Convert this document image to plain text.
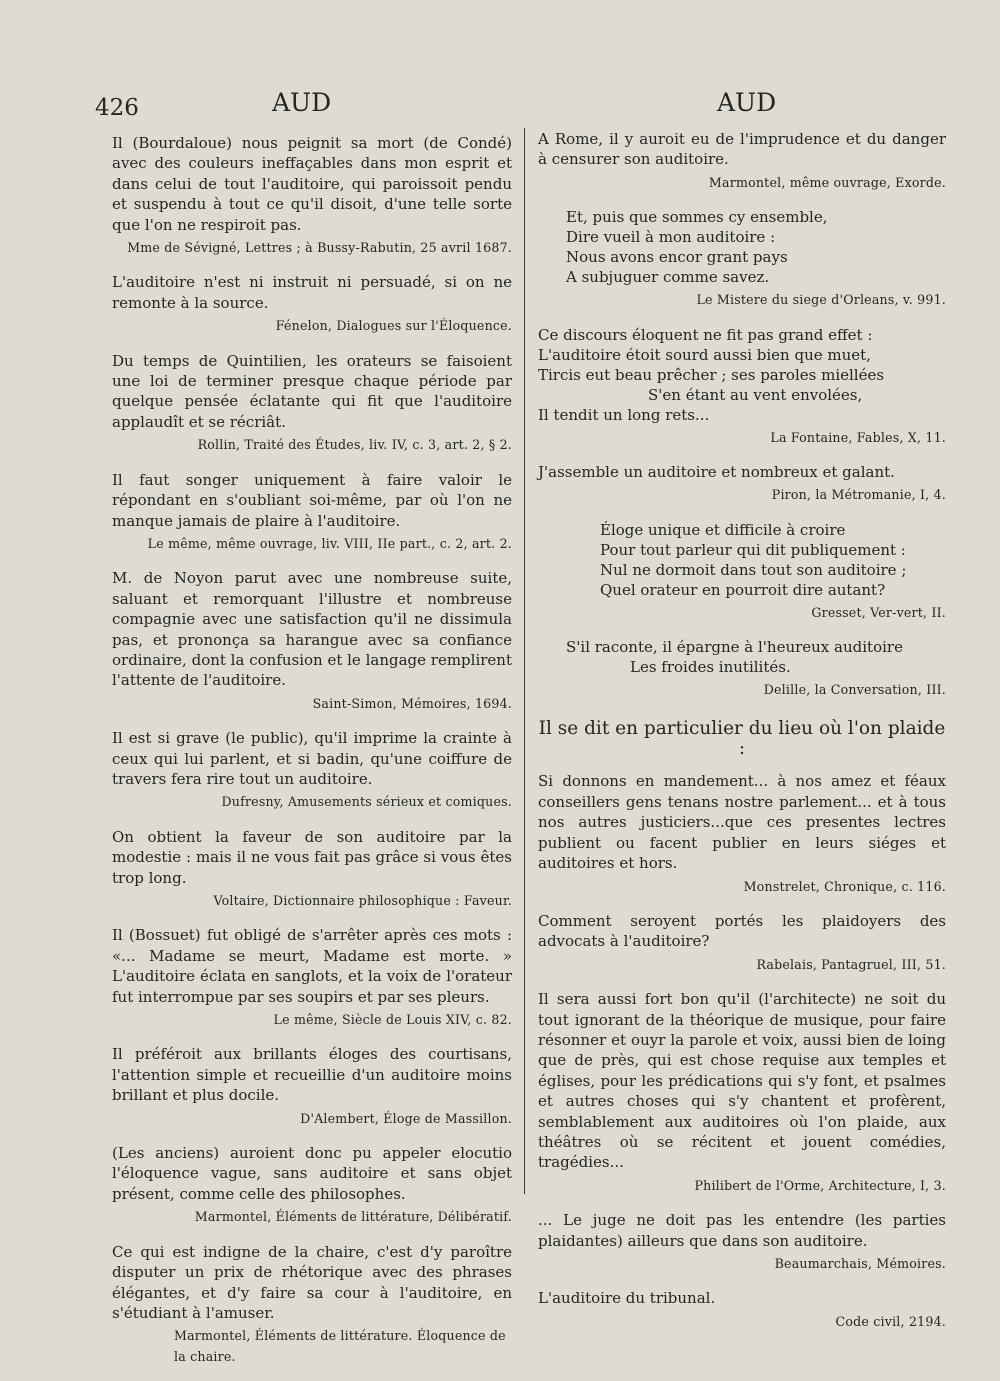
426	AUD	AUD
Il (Bourdaloue) nous peignit sa mort (de Condé) avec des couleurs ineffaçables dans mon esprit et dans celui de tout l'auditoire, qui paroissoit pendu et suspendu à tout ce qu'il disoit, d'une telle sorte que l'on ne respiroit pas.
Mme de Sévigné, Lettres ; à Bussy-Rabutin, 25 avril 1687.
L'auditoire n'est ni instruit ni persuadé, si on ne remonte à la source.
Fénelon, Dialogues sur l'Éloquence.
Du temps de Quintilien, les orateurs se faisoient une loi de terminer presque chaque période par quelque pensée éclatante qui fit que l'auditoire applaudît et se récriât.
Rollin, Traité des Études, liv. IV, c. 3, art. 2, § 2.
Il faut songer uniquement à faire valoir le répondant en s'oubliant soi-même, par où l'on ne manque jamais de plaire à l'auditoire.
Le même, même ouvrage, liv. VIII, IIe part., c. 2, art. 2.
M. de Noyon parut avec une nombreuse suite, saluant et remorquant l'illustre et nombreuse compagnie avec une satisfaction qu'il ne dissimula pas, et prononça sa harangue avec sa confiance ordinaire, dont la confusion et le langage remplirent l'attente de l'auditoire.
Saint-Simon, Mémoires, 1694.
Il est si grave (le public), qu'il imprime la crainte à ceux qui lui parlent, et si badin, qu'une coiffure de travers fera rire tout un auditoire.
Dufresny, Amusements sérieux et comiques.
On obtient la faveur de son auditoire par la modestie : mais il ne vous fait pas grâce si vous êtes trop long.
Voltaire, Dictionnaire philosophique : Faveur.
Il (Bossuet) fut obligé de s'arrêter après ces mots : «... Madame se meurt, Madame est morte. » L'auditoire éclata en sanglots, et la voix de l'orateur fut interrompue par ses soupirs et par ses pleurs.
Le même, Siècle de Louis XIV, c. 82.
Il préféroit aux brillants éloges des courtisans, l'attention simple et recueillie d'un auditoire moins brillant et plus docile.
D'Alembert, Éloge de Massillon.
(Les anciens) auroient donc pu appeler elocutio l'éloquence vague, sans auditoire et sans objet présent, comme celle des philosophes.
Marmontel, Éléments de littérature, Délibératif.
Ce qui est indigne de la chaire, c'est d'y paroître disputer un prix de rhétorique avec des phrases élégantes, et d'y faire sa cour à l'auditoire, en s'étudiant à l'amuser.
Marmontel, Éléments de littérature. Éloquence de la chaire.
A Rome, il y auroit eu de l'imprudence et du danger à censurer son auditoire.
Marmontel, même ouvrage, Exorde.
Et, puis que sommes cy ensemble,
Dire vueil à mon auditoire :
Nous avons encor grant pays
A subjuguer comme savez.
Le Mistere du siege d'Orleans, v. 991.
Ce discours éloquent ne fit pas grand effet :
L'auditoire étoit sourd aussi bien que muet,
Tircis eut beau prêcher ; ses paroles miellées
S'en étant au vent envolées,
Il tendit un long rets...
La Fontaine, Fables, X, 11.
J'assemble un auditoire et nombreux et galant.
Piron, la Métromanie, I, 4.
Éloge unique et difficile à croire
Pour tout parleur qui dit publiquement :
Nul ne dormoit dans tout son auditoire ;
Quel orateur en pourroit dire autant?
Gresset, Ver-vert, II.
S'il raconte, il épargne à l'heureux auditoire
Les froides inutilités.
Delille, la Conversation, III.
Il se dit en particulier du lieu où l'on plaide :
Si donnons en mandement... à nos amez et féaux conseillers gens tenans nostre parlement... et à tous nos autres justiciers...que ces presentes lectres publient ou facent publier en leurs siéges et auditoires et hors.
Monstrelet, Chronique, c. 116.
Comment seroyent portés les plaidoyers des advocats à l'auditoire?
Rabelais, Pantagruel, III, 51.
Il sera aussi fort bon qu'il (l'architecte) ne soit du tout ignorant de la théorique de musique, pour faire résonner et ouyr la parole et voix, aussi bien de loing que de près, qui est chose requise aux temples et églises, pour les prédications qui s'y font, et psalmes et autres choses qui s'y chantent et profèrent, semblablement aux auditoires où l'on plaide, aux théâtres où se récitent et jouent comédies, tragédies...
Philibert de l'Orme, Architecture, I, 3.
... Le juge ne doit pas les entendre (les parties plaidantes) ailleurs que dans son auditoire.
Beaumarchais, Mémoires.
L'auditoire du tribunal.
Code civil, 2194.
